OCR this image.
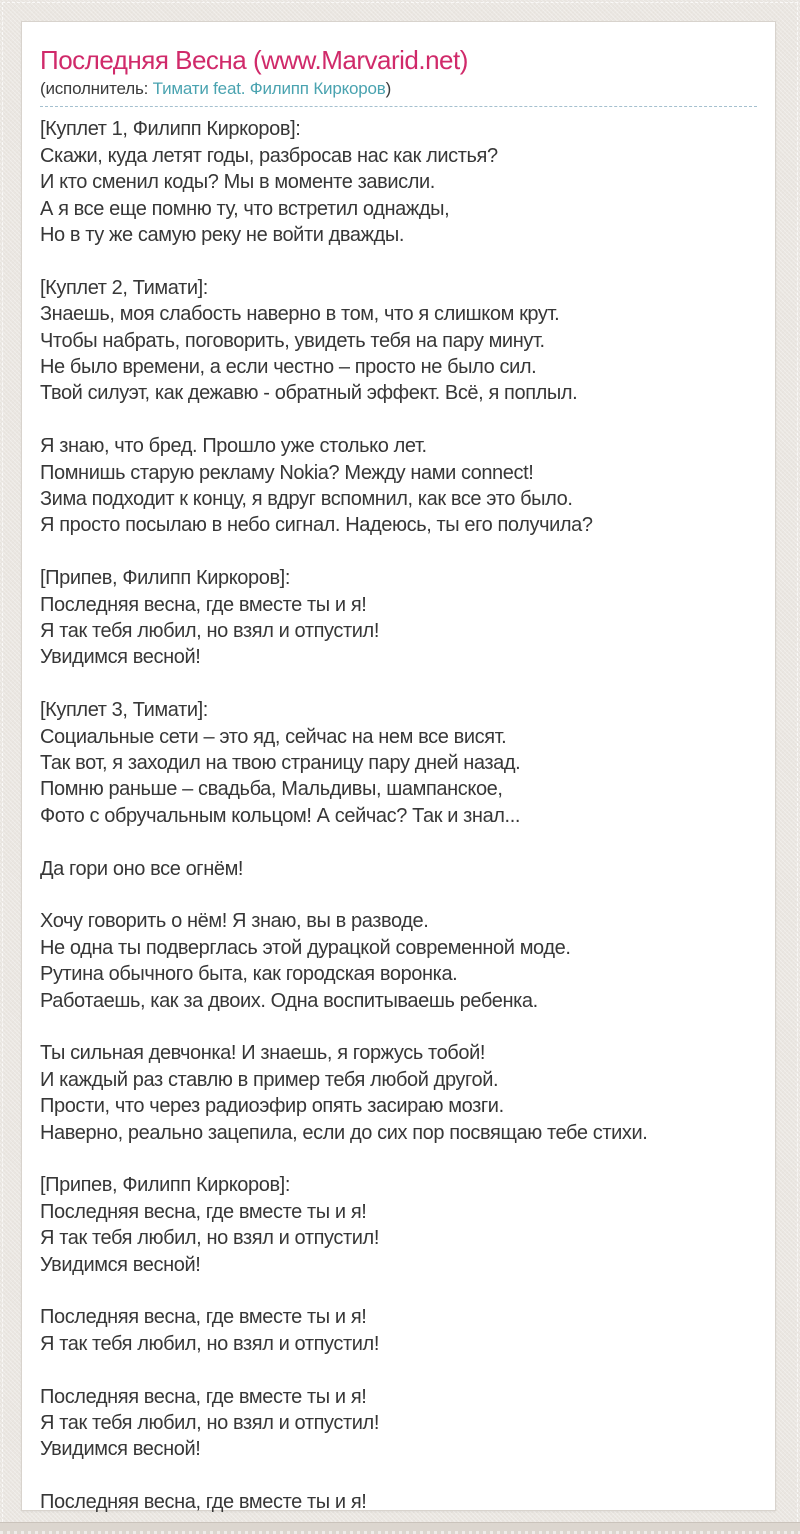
Последняя Весна (www.Marvarid.net)
(исполнитель: Тимати feat. Филипп Киркоров)
[Куплет 1, Филипп Киркоров]:
Скажи, куда летят годы, разбросав нас как листья?
И кто сменил коды? Мы в моменте зависли.
А я все еще помню ту, что встретил однажды,
Но в ту же самую реку не войти дважды.
[Куплет 2, Тимати]:
Знаешь, моя слабость наверно в том, что я слишком крут.
Чтобы набрать, поговорить, увидеть тебя на пару минут.
Не было времени, а если честно – просто не было сил.
Твой силуэт, как дежавю - обратный эффект. Всё, я поплыл.
Я знаю, что бред. Прошло уже столько лет.
Помнишь старую рекламу Nokia? Между нами connect!
Зима подходит к концу, я вдруг вспомнил, как все это было.
Я просто посылаю в небо сигнал. Надеюсь, ты его получила?
[Припев, Филипп Киркоров]:
Последняя весна, где вместе ты и я!
Я так тебя любил, но взял и отпустил!
Увидимся весной!
[Куплет 3, Тимати]:
Социальные сети – это яд, сейчас на нем все висят.
Так вот, я заходил на твою страницу пару дней назад.
Помню раньше – свадьба, Мальдивы, шампанское,
Фото с обручальным кольцом! А сейчас? Так и знал...
Да гори оно все огнём!
Хочу говорить о нём! Я знаю, вы в разводе.
Не одна ты подверглась этой дурацкой современной моде.
Рутина обычного быта, как городская воронка.
Работаешь, как за двоих. Одна воспитываешь ребенка.
Ты сильная девчонка! И знаешь, я горжусь тобой!
И каждый раз ставлю в пример тебя любой другой.
Прости, что через радиоэфир опять засираю мозги.
Наверно, реально зацепила, если до сих пор посвящаю тебе стихи.
[Припев, Филипп Киркоров]:
Последняя весна, где вместе ты и я!
Я так тебя любил, но взял и отпустил!
Увидимся весной!
Последняя весна, где вместе ты и я!
Я так тебя любил, но взял и отпустил!
Последняя весна, где вместе ты и я!
Я так тебя любил, но взял и отпустил!
Увидимся весной!
Последняя весна, где вместе ты и я!
